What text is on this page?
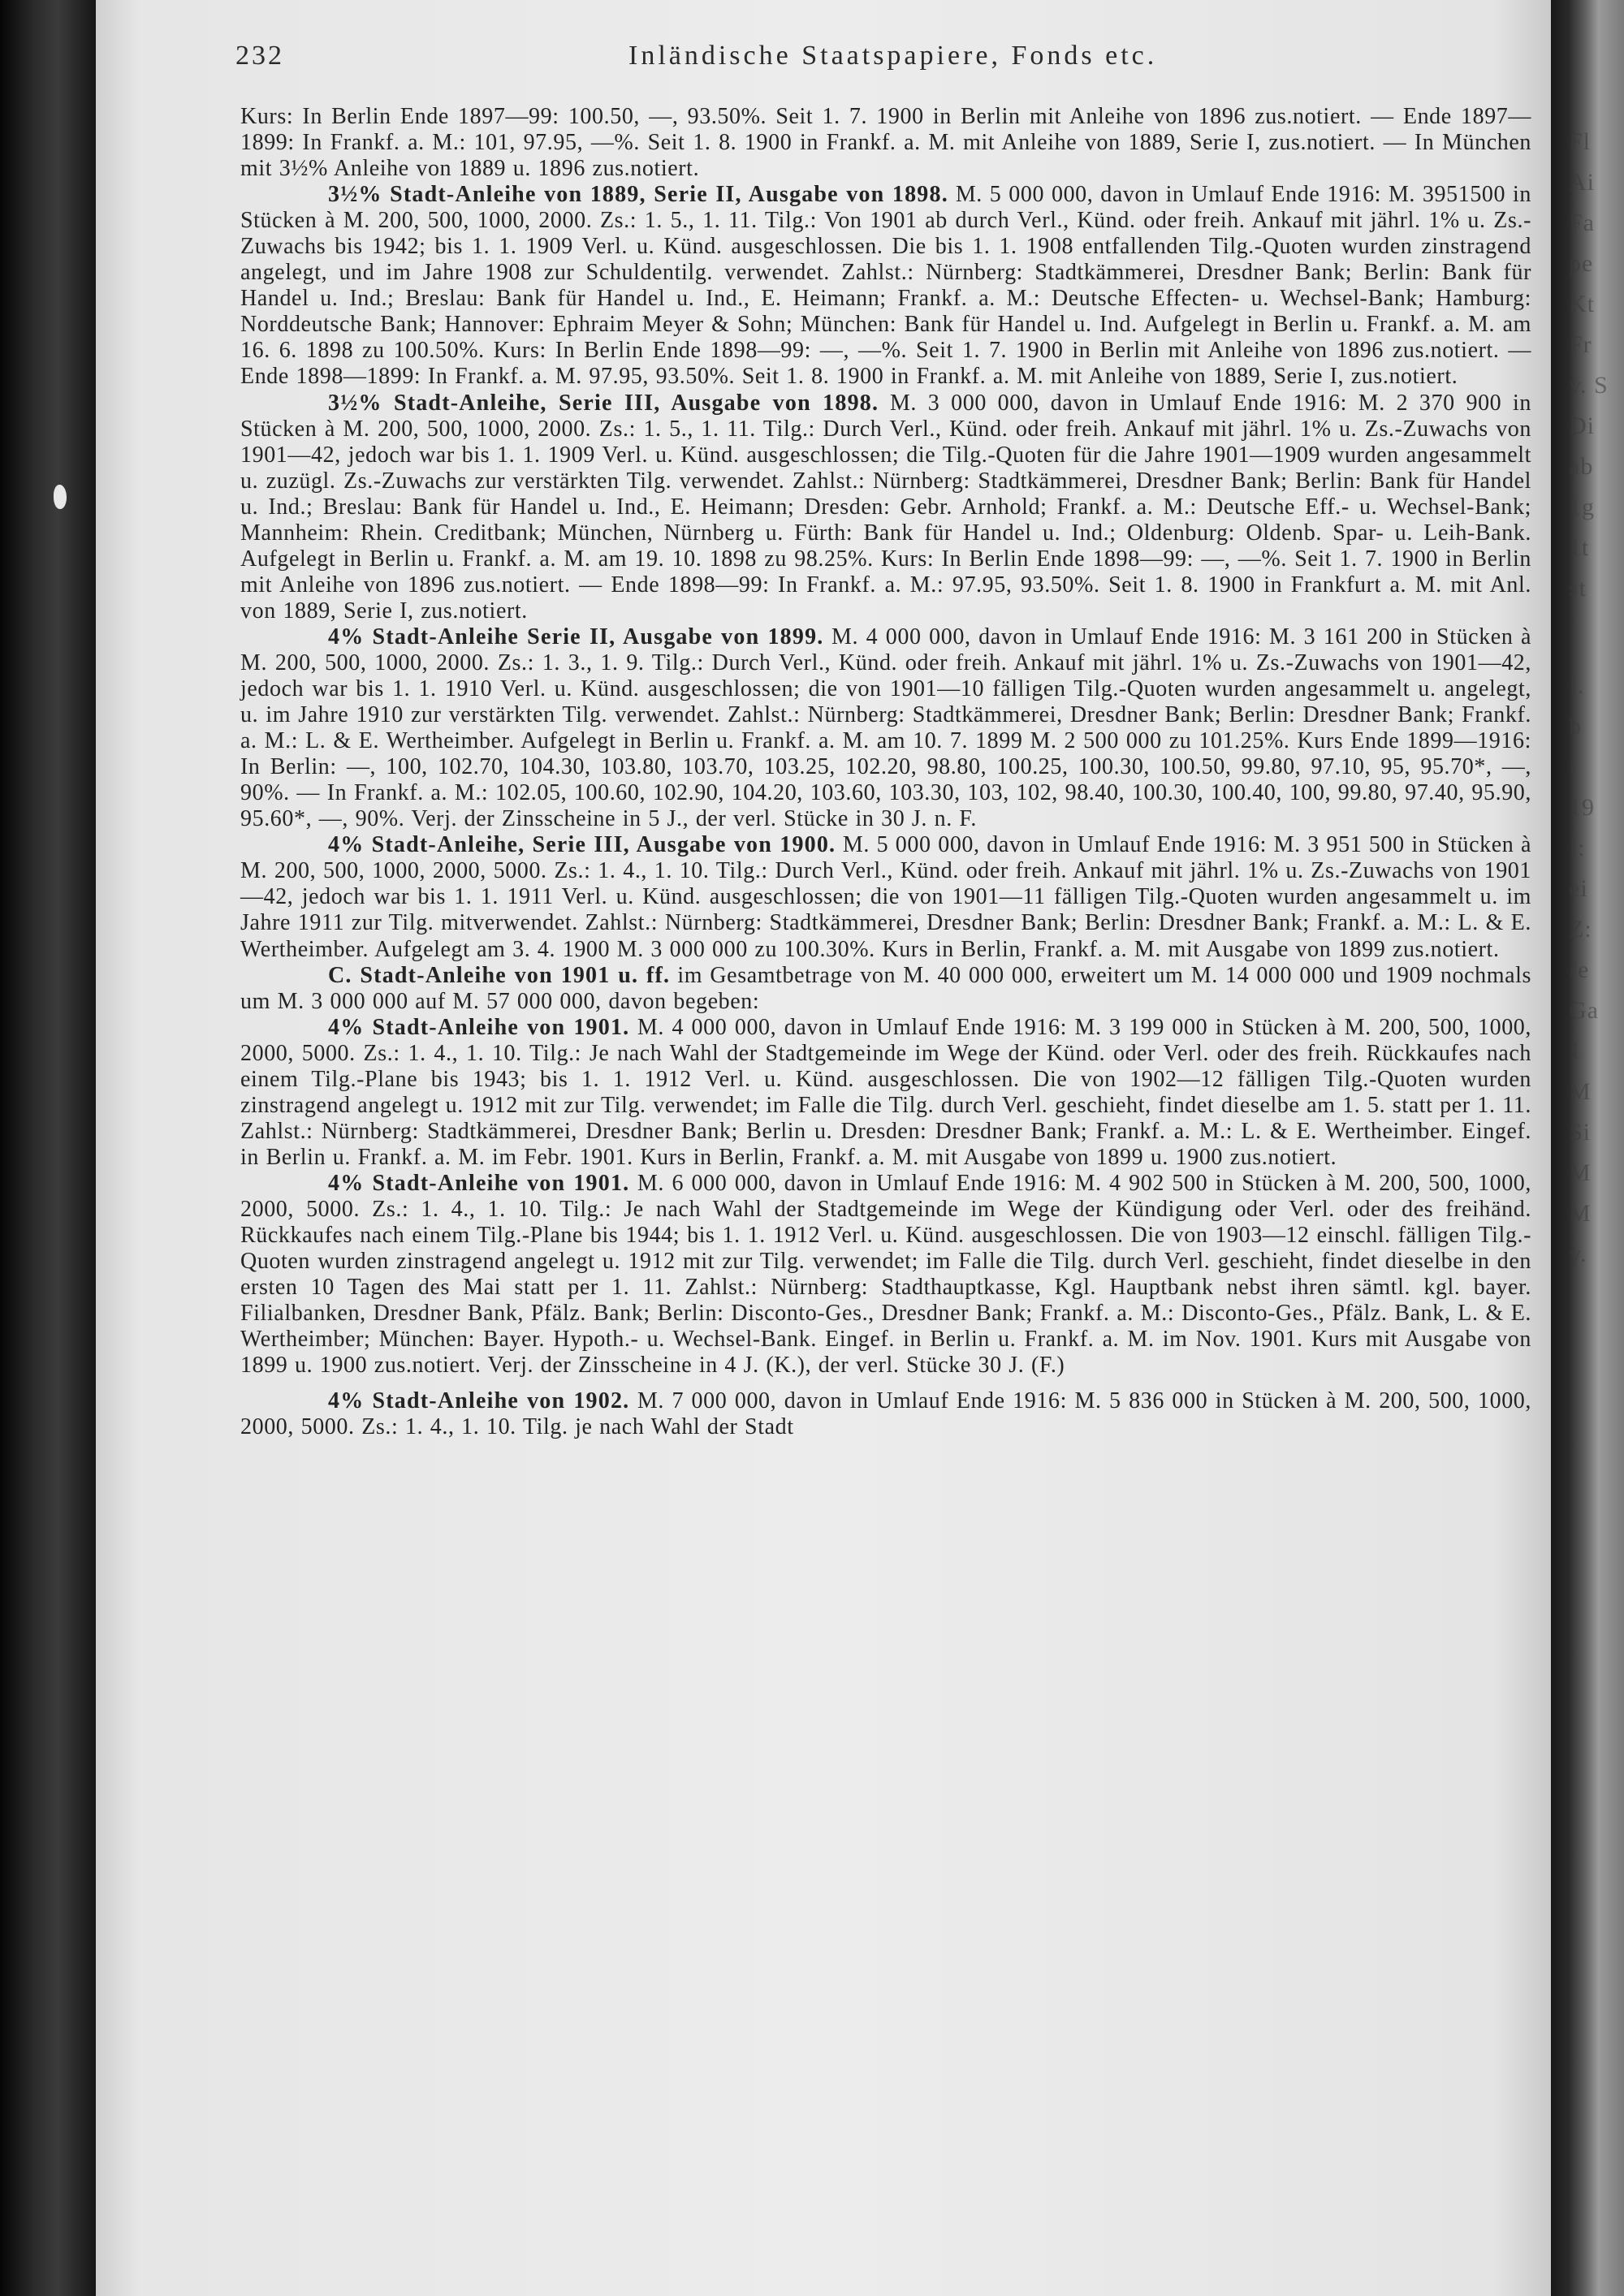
Fl
Ai
Fa
pe
Kt
Fr
v. S
Di
ab
1g
1t
st
I.
b
i
19
I:
ei
Z:
re
Ga
1
M
Si
M
M
v.
232	Inländische Staatspapiere, Fonds etc.

Kurs: In Berlin Ende 1897—99: 100.50, —, 93.50%. Seit 1. 7. 1900 in Berlin mit Anleihe von 1896 zus.notiert. — Ende 1897—1899: In Frankf. a. M.: 101, 97.95, —%. Seit 1. 8. 1900 in Frankf. a. M. mit Anleihe von 1889, Serie I, zus.notiert. — In München mit 3½% Anleihe von 1889 u. 1896 zus.notiert.

3½% Stadt-Anleihe von 1889, Serie II, Ausgabe von 1898. M. 5 000 000, davon in Umlauf Ende 1916: M. 3951500 in Stücken à M. 200, 500, 1000, 2000. Zs.: 1. 5., 1. 11. Tilg.: Von 1901 ab durch Verl., Künd. oder freih. Ankauf mit jährl. 1% u. Zs.-Zuwachs bis 1942; bis 1. 1. 1909 Verl. u. Künd. ausgeschlossen. Die bis 1. 1. 1908 entfallenden Tilg.-Quoten wurden zinstragend angelegt, und im Jahre 1908 zur Schuldentilg. verwendet. Zahlst.: Nürnberg: Stadtkämmerei, Dresdner Bank; Berlin: Bank für Handel u. Ind.; Breslau: Bank für Handel u. Ind., E. Heimann; Frankf. a. M.: Deutsche Effecten- u. Wechsel-Bank; Hamburg: Norddeutsche Bank; Hannover: Ephraim Meyer & Sohn; München: Bank für Handel u. Ind. Aufgelegt in Berlin u. Frankf. a. M. am 16. 6. 1898 zu 100.50%. Kurs: In Berlin Ende 1898—99: —, —%. Seit 1. 7. 1900 in Berlin mit Anleihe von 1896 zus.notiert. — Ende 1898—1899: In Frankf. a. M. 97.95, 93.50%. Seit 1. 8. 1900 in Frankf. a. M. mit Anleihe von 1889, Serie I, zus.notiert.

3½% Stadt-Anleihe, Serie III, Ausgabe von 1898. M. 3 000 000, davon in Umlauf Ende 1916: M. 2 370 900 in Stücken à M. 200, 500, 1000, 2000. Zs.: 1. 5., 1. 11. Tilg.: Durch Verl., Künd. oder freih. Ankauf mit jährl. 1% u. Zs.-Zuwachs von 1901—42, jedoch war bis 1. 1. 1909 Verl. u. Künd. ausgeschlossen; die Tilg.-Quoten für die Jahre 1901—1909 wurden angesammelt u. zuzügl. Zs.-Zuwachs zur verstärkten Tilg. verwendet. Zahlst.: Nürnberg: Stadtkämmerei, Dresdner Bank; Berlin: Bank für Handel u. Ind.; Breslau: Bank für Handel u. Ind., E. Heimann; Dresden: Gebr. Arnhold; Frankf. a. M.: Deutsche Eff.- u. Wechsel-Bank; Mannheim: Rhein. Creditbank; München, Nürnberg u. Fürth: Bank für Handel u. Ind.; Oldenburg: Oldenb. Spar- u. Leih-Bank. Aufgelegt in Berlin u. Frankf. a. M. am 19. 10. 1898 zu 98.25%. Kurs: In Berlin Ende 1898—99: —, —%. Seit 1. 7. 1900 in Berlin mit Anleihe von 1896 zus.notiert. — Ende 1898—99: In Frankf. a. M.: 97.95, 93.50%. Seit 1. 8. 1900 in Frankfurt a. M. mit Anl. von 1889, Serie I, zus.notiert.

4% Stadt-Anleihe Serie II, Ausgabe von 1899. M. 4 000 000, davon in Umlauf Ende 1916: M. 3 161 200 in Stücken à M. 200, 500, 1000, 2000. Zs.: 1. 3., 1. 9. Tilg.: Durch Verl., Künd. oder freih. Ankauf mit jährl. 1% u. Zs.-Zuwachs von 1901—42, jedoch war bis 1. 1. 1910 Verl. u. Künd. ausgeschlossen; die von 1901—10 fälligen Tilg.-Quoten wurden angesammelt u. angelegt, u. im Jahre 1910 zur verstärkten Tilg. verwendet. Zahlst.: Nürnberg: Stadtkämmerei, Dresdner Bank; Berlin: Dresdner Bank; Frankf. a. M.: L. & E. Wertheimber. Aufgelegt in Berlin u. Frankf. a. M. am 10. 7. 1899 M. 2 500 000 zu 101.25%. Kurs Ende 1899—1916: In Berlin: —, 100, 102.70, 104.30, 103.80, 103.70, 103.25, 102.20, 98.80, 100.25, 100.30, 100.50, 99.80, 97.10, 95, 95.70*, —, 90%. — In Frankf. a. M.: 102.05, 100.60, 102.90, 104.20, 103.60, 103.30, 103, 102, 98.40, 100.30, 100.40, 100, 99.80, 97.40, 95.90, 95.60*, —, 90%. Verj. der Zinsscheine in 5 J., der verl. Stücke in 30 J. n. F.

4% Stadt-Anleihe, Serie III, Ausgabe von 1900. M. 5 000 000, davon in Umlauf Ende 1916: M. 3 951 500 in Stücken à M. 200, 500, 1000, 2000, 5000. Zs.: 1. 4., 1. 10. Tilg.: Durch Verl., Künd. oder freih. Ankauf mit jährl. 1% u. Zs.-Zuwachs von 1901—42, jedoch war bis 1. 1. 1911 Verl. u. Künd. ausgeschlossen; die von 1901—11 fälligen Tilg.-Quoten wurden angesammelt u. im Jahre 1911 zur Tilg. mitverwendet. Zahlst.: Nürnberg: Stadtkämmerei, Dresdner Bank; Berlin: Dresdner Bank; Frankf. a. M.: L. & E. Wertheimber. Aufgelegt am 3. 4. 1900 M. 3 000 000 zu 100.30%. Kurs in Berlin, Frankf. a. M. mit Ausgabe von 1899 zus.notiert.

C. Stadt-Anleihe von 1901 u. ff. im Gesamtbetrage von M. 40 000 000, erweitert um M. 14 000 000 und 1909 nochmals um M. 3 000 000 auf M. 57 000 000, davon begeben:

4% Stadt-Anleihe von 1901. M. 4 000 000, davon in Umlauf Ende 1916: M. 3 199 000 in Stücken à M. 200, 500, 1000, 2000, 5000. Zs.: 1. 4., 1. 10. Tilg.: Je nach Wahl der Stadtgemeinde im Wege der Künd. oder Verl. oder des freih. Rückkaufes nach einem Tilg.-Plane bis 1943; bis 1. 1. 1912 Verl. u. Künd. ausgeschlossen. Die von 1902—12 fälligen Tilg.-Quoten wurden zinstragend angelegt u. 1912 mit zur Tilg. verwendet; im Falle die Tilg. durch Verl. geschieht, findet dieselbe am 1. 5. statt per 1. 11. Zahlst.: Nürnberg: Stadtkämmerei, Dresdner Bank; Berlin u. Dresden: Dresdner Bank; Frankf. a. M.: L. & E. Wertheimber. Eingef. in Berlin u. Frankf. a. M. im Febr. 1901. Kurs in Berlin, Frankf. a. M. mit Ausgabe von 1899 u. 1900 zus.notiert.

4% Stadt-Anleihe von 1901. M. 6 000 000, davon in Umlauf Ende 1916: M. 4 902 500 in Stücken à M. 200, 500, 1000, 2000, 5000. Zs.: 1. 4., 1. 10. Tilg.: Je nach Wahl der Stadtgemeinde im Wege der Kündigung oder Verl. oder des freihänd. Rückkaufes nach einem Tilg.-Plane bis 1944; bis 1. 1. 1912 Verl. u. Künd. ausgeschlossen. Die von 1903—12 einschl. fälligen Tilg.-Quoten wurden zinstragend angelegt u. 1912 mit zur Tilg. verwendet; im Falle die Tilg. durch Verl. geschieht, findet dieselbe in den ersten 10 Tagen des Mai statt per 1. 11. Zahlst.: Nürnberg: Stadthauptkasse, Kgl. Hauptbank nebst ihren sämtl. kgl. bayer. Filialbanken, Dresdner Bank, Pfälz. Bank; Berlin: Disconto-Ges., Dresdner Bank; Frankf. a. M.: Disconto-Ges., Pfälz. Bank, L. & E. Wertheimber; München: Bayer. Hypoth.- u. Wechsel-Bank. Eingef. in Berlin u. Frankf. a. M. im Nov. 1901. Kurs mit Ausgabe von 1899 u. 1900 zus.notiert. Verj. der Zinsscheine in 4 J. (K.), der verl. Stücke 30 J. (F.)

4% Stadt-Anleihe von 1902. M. 7 000 000, davon in Umlauf Ende 1916: M. 5 836 000 in Stücken à M. 200, 500, 1000, 2000, 5000. Zs.: 1. 4., 1. 10. Tilg. je nach Wahl der Stadt
